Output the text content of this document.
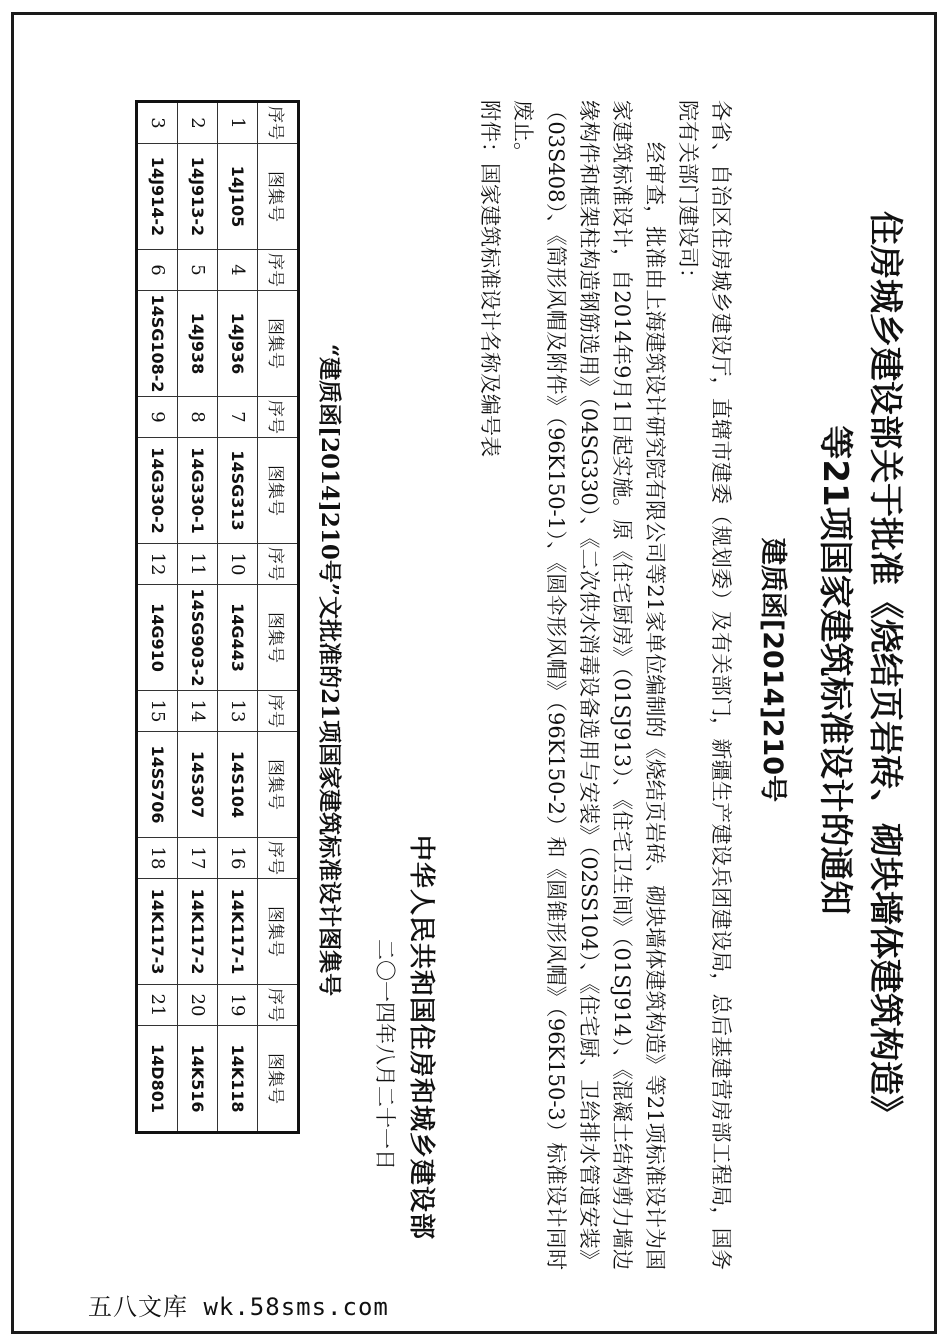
住房城乡建设部关于批准《烧结页岩砖、砌块墙体建筑构造》
等21项国家建筑标准设计的通知
建质函[2014]210号

各省、自治区住房城乡建设厅，直辖市建委（规划委）及有关部门，新疆生产建设兵团建设局，总后基建营房部工程局，国务院有关部门建设司：

经审查，批准由上海建筑设计研究院有限公司等21家单位编制的《烧结页岩砖、砌块墙体建筑构造》等21项标准设计为国家建筑标准设计，自2014年9月1日起实施。原《住宅厨房》（01SJ913）、《住宅卫生间》（01SJ914）、《混凝土结构剪力墙边缘构件和框架柱构造钢筋选用》（04SG330）、《二次供水消毒设备选用与安装》（02SS104）、《住宅厨、卫给排水管道安装》（03S408）、《筒形风帽及附件》（96K150-1）、《圆伞形风帽》（96K150-2）和《圆锥形风帽》（96K150-3）标准设计同时废止。

附件：国家建筑标准设计名称及编号表

中华人民共和国住房和城乡建设部
二〇一四年八月二十一日
“建质函[2014]210号”文批准的21项国家建筑标准设计图集号
序号	图集号	序号	图集号	序号	图集号	序号	图集号	序号	图集号	序号	图集号	序号	图集号
1	14J105	4	14J936	7	14SG313	10	14G443	13	14S104	16	14K117-1	19	14K118
2	14J913-2	5	14J938	8	14G330-1	11	14SG903-2	14	14S307	17	14K117-2	20	14K516
3	14J914-2	6	14SG108-2	9	14G330-2	12	14G910	15	14SS706	18	14K117-3	21	14D801
五八文库 wk.58sms.com
